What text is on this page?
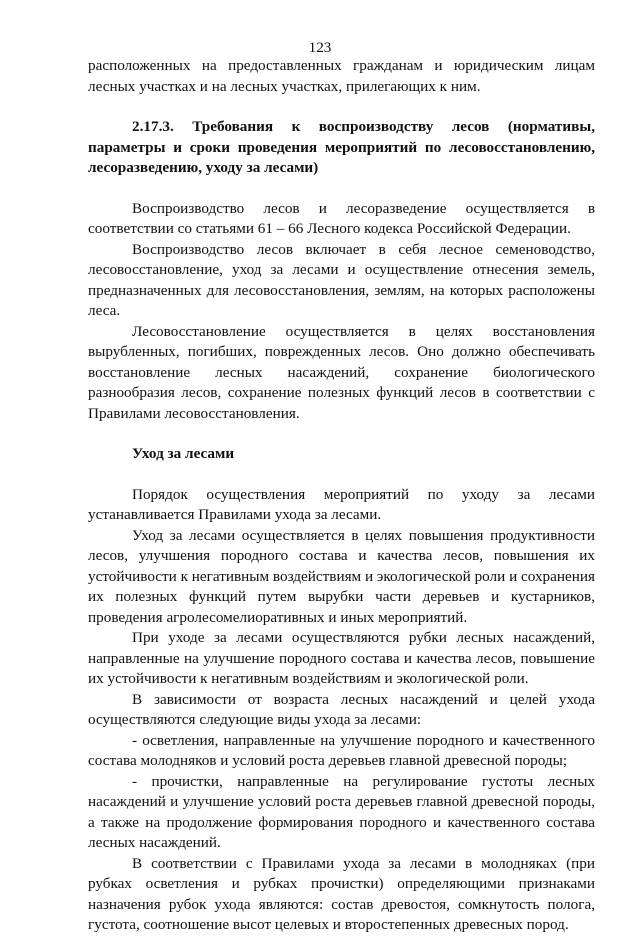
123

расположенных на предоставленных гражданам и юридическим лицам лесных участках и на лесных участках, прилегающих к ним.

2.17.3. Требования к воспроизводству лесов (нормативы, параметры и сроки проведения мероприятий по лесовосстановлению, лесоразведению, уходу за лесами)

Воспроизводство лесов и лесоразведение осуществляется в соответствии со статьями 61 – 66 Лесного кодекса Российской Федерации.

Воспроизводство лесов включает в себя лесное семеноводство, лесовосстановление, уход за лесами и осуществление отнесения земель, предназначенных для лесовосстановления, землям, на которых расположены леса.

Лесовосстановление осуществляется в целях восстановления вырубленных, погибших, поврежденных лесов. Оно должно обеспечивать восстановление лесных насаждений, сохранение биологического разнообразия лесов, сохранение полезных функций лесов в соответствии с Правилами лесовосстановления.

Уход за лесами

Порядок осуществления мероприятий по уходу за лесами устанавливается Правилами ухода за лесами.

Уход за лесами осуществляется в целях повышения продуктивности лесов, улучшения породного состава и качества лесов, повышения их устойчивости к негативным воздействиям и экологической роли и сохранения их полезных функций путем вырубки части деревьев и кустарников, проведения агролесомелиоративных и иных мероприятий.

При уходе за лесами осуществляются рубки лесных насаждений, направленные на улучшение породного состава и качества лесов, повышение их устойчивости к негативным воздействиям и экологической роли.

В зависимости от возраста лесных насаждений и целей ухода осуществляются следующие виды ухода за лесами:

- осветления, направленные на улучшение породного и качественного состава молодняков и условий роста деревьев главной древесной породы;

- прочистки, направленные на регулирование густоты лесных насаждений и улучшение условий роста деревьев главной древесной породы, а также на продолжение формирования породного и качественного состава лесных насаждений.

В соответствии с Правилами ухода за лесами в молодняках (при рубках осветления и рубках прочистки) определяющими признаками назначения рубок ухода являются: состав древостоя, сомкнутость полога, густота, соотношение высот целевых и второстепенных древесных пород.
